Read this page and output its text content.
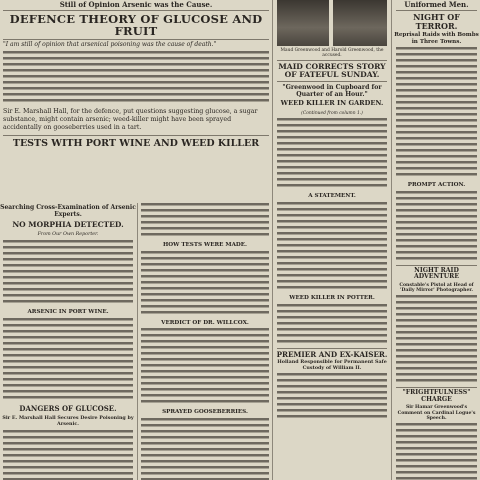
Still of Opinion Arsenic was the Cause.
DEFENCE THEORY OF GLUCOSE AND FRUIT
"I am still of opinion that arsenical poisoning was the cause of death."
Sir E. Marshall Hall, for the defence, put questions suggesting glucose, a sugar substance, might contain arsenic; weed-killer might have been sprayed accidentally on gooseberries used in a tart.
TESTS WITH PORT WINE AND WEED KILLER
Searching Cross-Examination of Arsenic Experts.
NO MORPHIA DETECTED.
From Our Own Reporter.
ARSENIC IN PORT WINE.
DANGERS OF GLUCOSE.
Sir E. Marshall Hall Secures Desire Poisoning by Arsenic.
HOW TESTS WERE MADE.
VERDICT OF DR. WILLCOX.
SPRAYED GOOSEBERRIES.
Maud Greenwood and Harold Greenwood, the accused.
MAID CORRECTS STORY OF FATEFUL SUNDAY.
"Greenwood in Cupboard for Quarter of an Hour."
WEED KILLER IN GARDEN.
(Continued from column 1.)
A STATEMENT.
WEED KILLER IN POTTER.
PREMIER AND EX-KAISER.
Holland Responsible for Permanent Safe Custody of William II.
Uniformed Men.
NIGHT OF TERROR.
Reprisal Raids with Bombs in Three Towns.
PROMPT ACTION.
NIGHT RAID ADVENTURE
Constable's Pistol at Head of 'Daily Mirror' Photographer.
"FRIGHTFULNESS" CHARGE
Sir Hamar Greenwood's Comment on Cardinal Logue's Speech.
